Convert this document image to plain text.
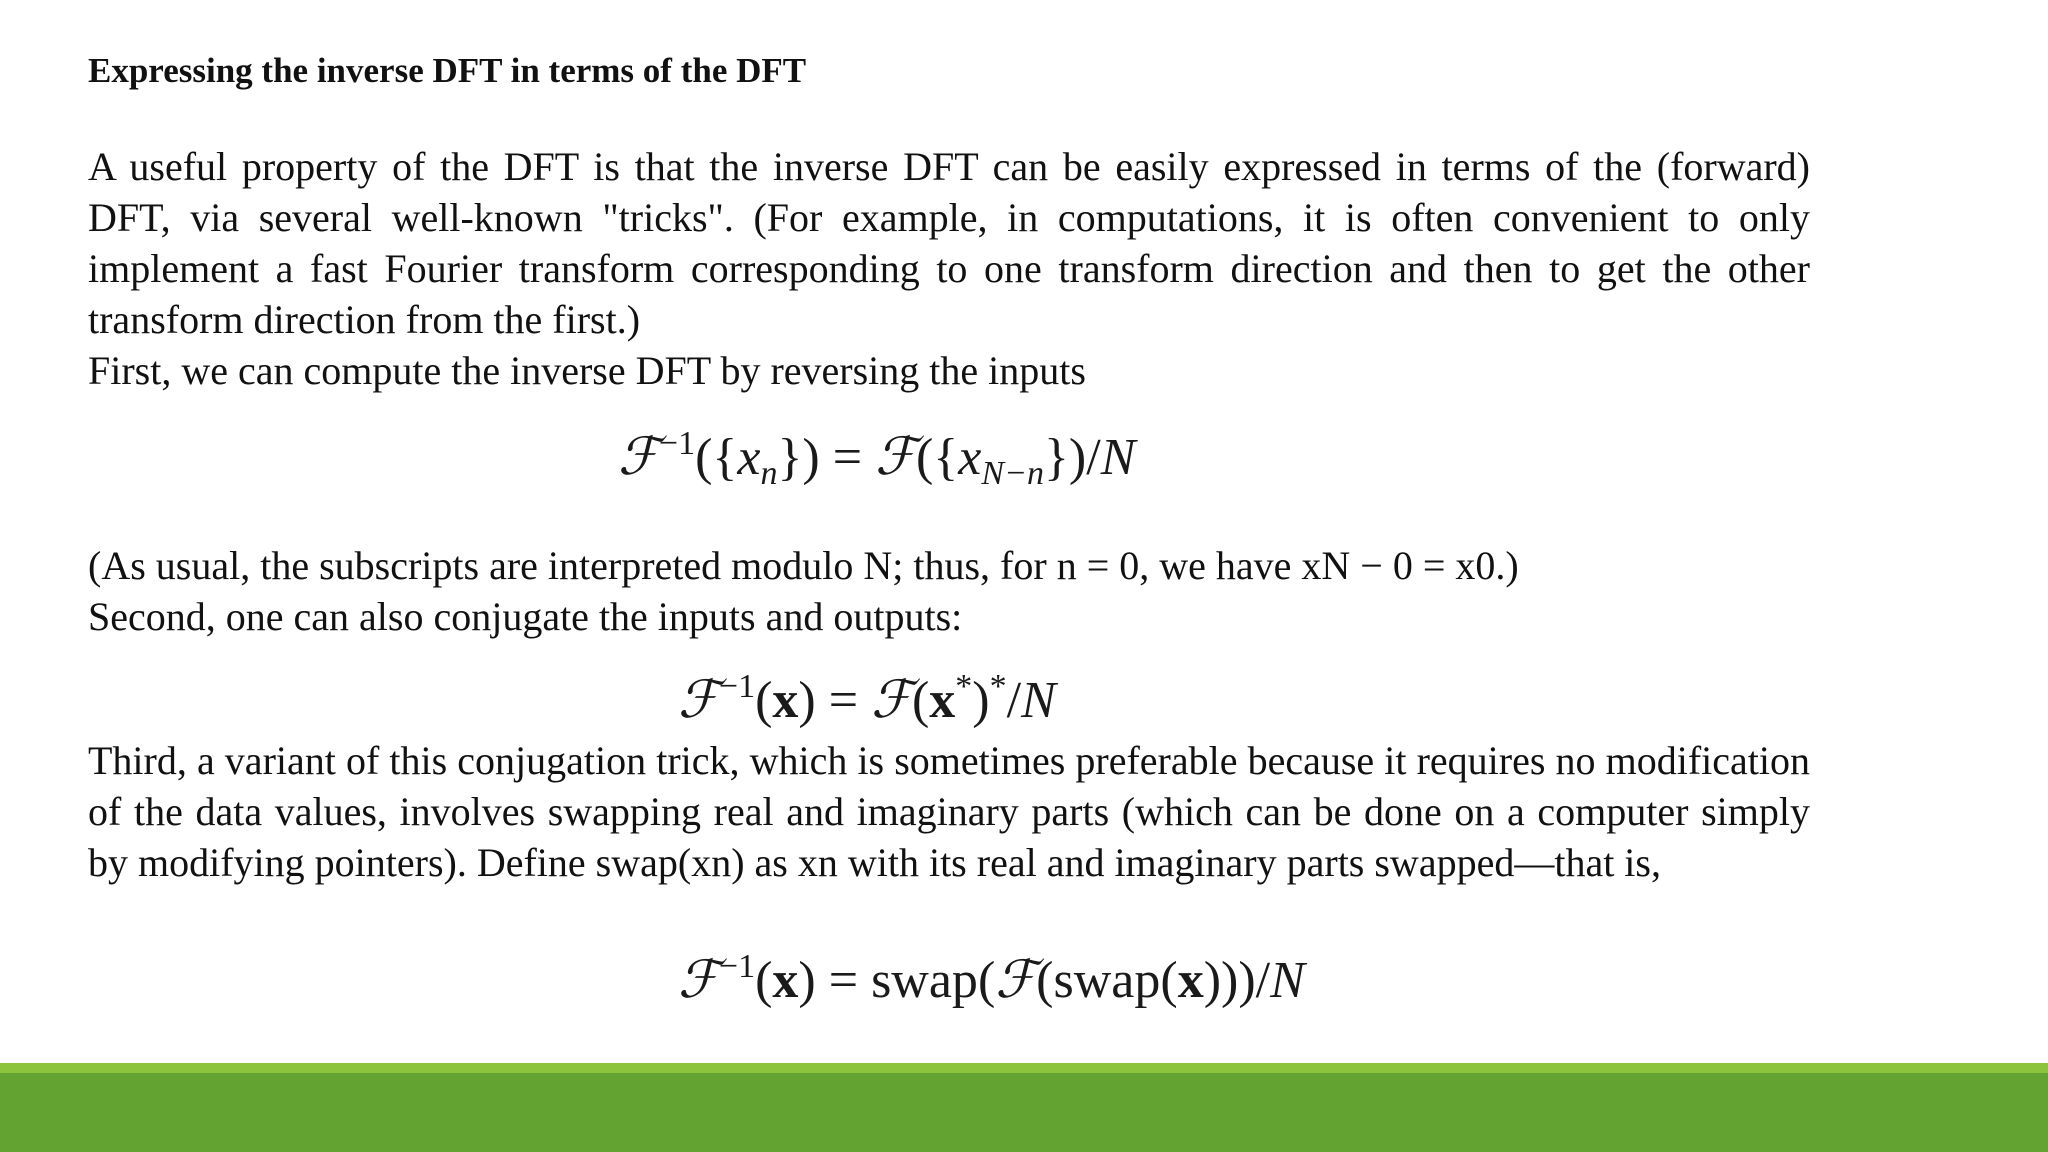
Expressing the inverse DFT in terms of the DFT

A useful property of the DFT is that the inverse DFT can be easily expressed in terms of the (forward) DFT, via several well-known "tricks". (For example, in computations, it is often convenient to only implement a fast Fourier transform corresponding to one transform direction and then to get the other transform direction from the first.)

First, we can compute the inverse DFT by reversing the inputs

$ℱ^{-1}(\{x_n\})$ = $ℱ(\{x_{N-n}\})/N$

(As usual, the subscripts are interpreted modulo N; thus, for n = 0, we have xN − 0 = x0.)

Second, one can also conjugate the inputs and outputs:

ℱ$^{-1}$(x) = ℱ(x*)*/N

Third, a variant of this conjugation trick, which is sometimes preferable because it requires no modification of the data values, involves swapping real and imaginary parts (which can be done on a computer simply by modifying pointers). Define swap(xn) as xn with its real and imaginary parts swapped—that is,

ℱ$^{-1}$(x) = swap(ℱ(swap(x)))/N
